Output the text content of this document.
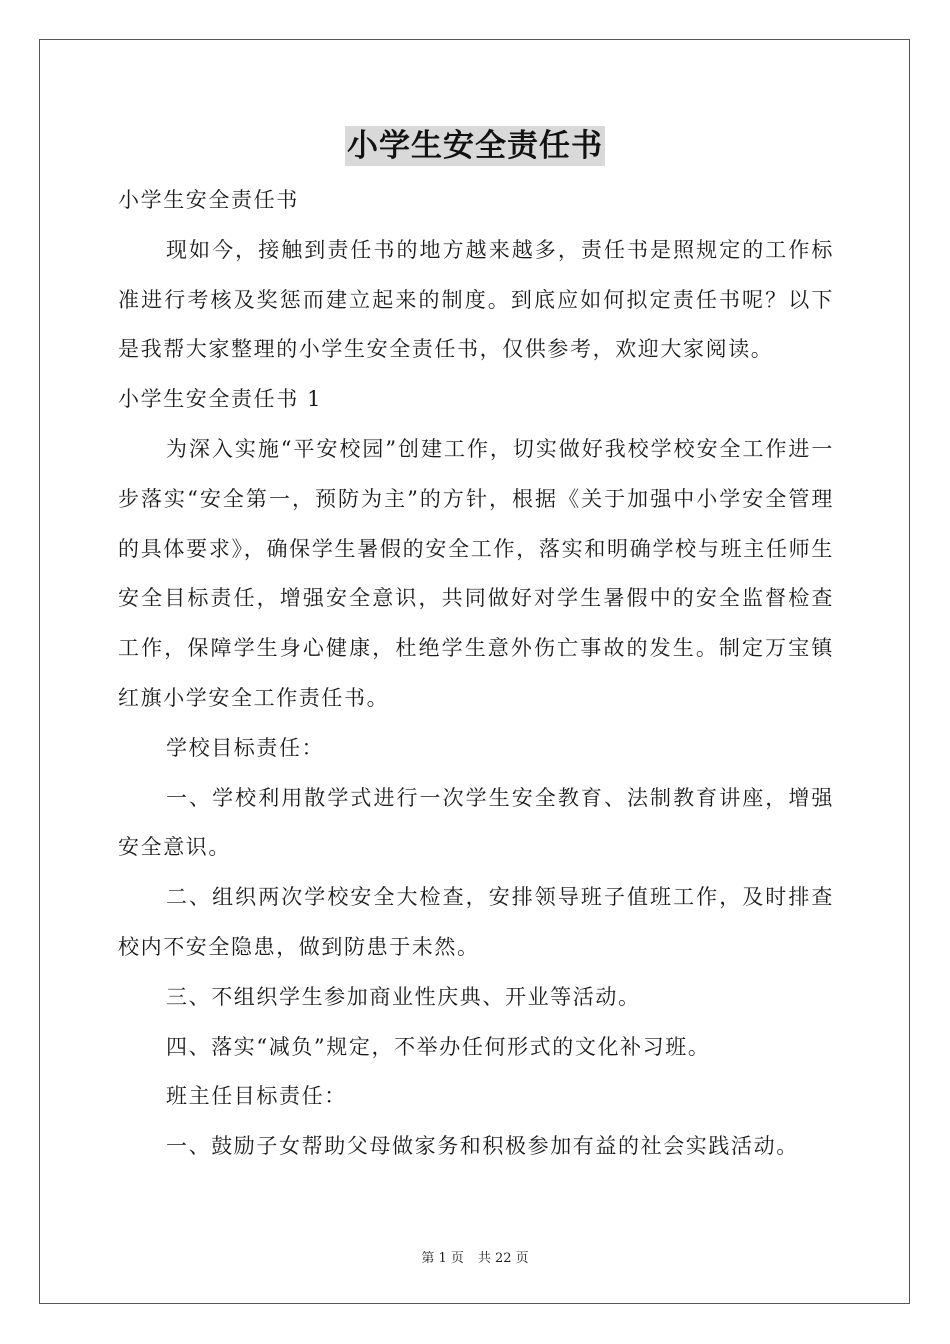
小学生安全责任书

小学生安全责任书

现如今，接触到责任书的地方越来越多，责任书是照规定的工作标准进行考核及奖惩而建立起来的制度。到底应如何拟定责任书呢？以下是我帮大家整理的小学生安全责任书，仅供参考，欢迎大家阅读。

小学生安全责任书 1

为深入实施“平安校园”创建工作，切实做好我校学校安全工作进一步落实“安全第一，预防为主”的方针，根据《关于加强中小学安全管理的具体要求》，确保学生暑假的安全工作，落实和明确学校与班主任师生安全目标责任，增强安全意识，共同做好对学生暑假中的安全监督检查工作，保障学生身心健康，杜绝学生意外伤亡事故的发生。制定万宝镇红旗小学安全工作责任书。

学校目标责任：

一、学校利用散学式进行一次学生安全教育、法制教育讲座，增强安全意识。

二、组织两次学校安全大检查，安排领导班子值班工作，及时排查校内不安全隐患，做到防患于未然。

三、不组织学生参加商业性庆典、开业等活动。

四、落实“减负”规定，不举办任何形式的文化补习班。

班主任目标责任：

一、鼓励子女帮助父母做家务和积极参加有益的社会实践活动。

第 1 页 共 22 页
